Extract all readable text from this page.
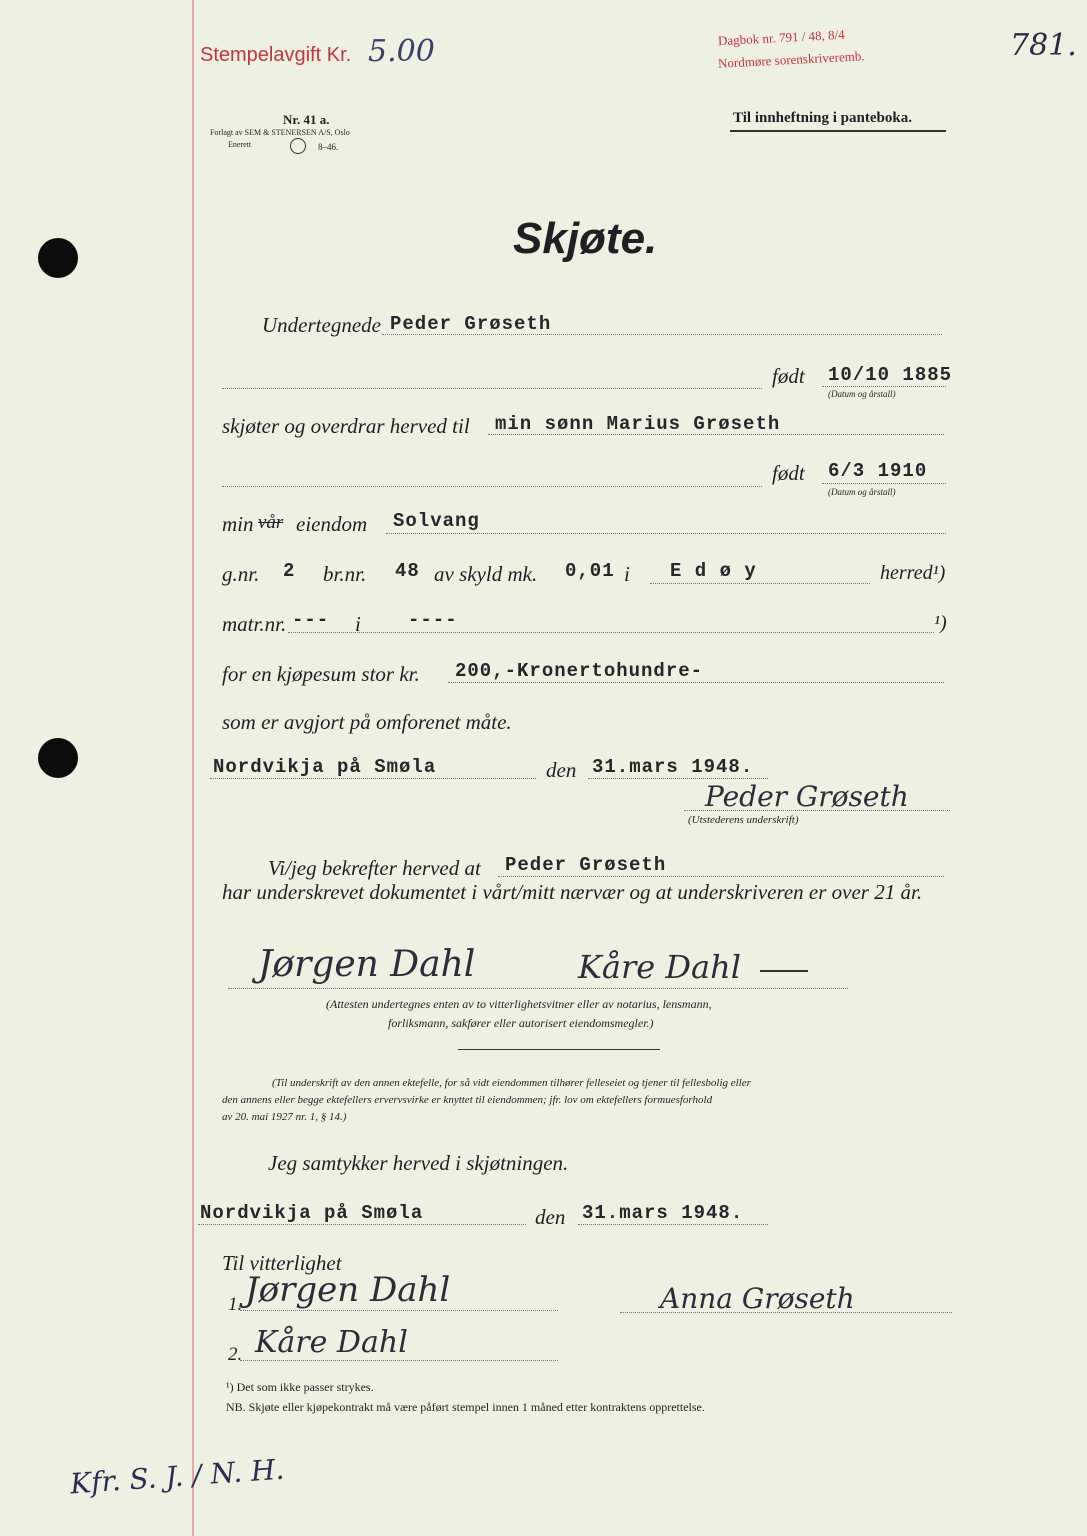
Stempelavgift Kr. 5.00	Dagbok nr. 791 / 48, 8/4
Nordmøre sorenskriveremb.	781.
Nr. 41 a.
Forlagt av SEM & STENERSEN A/S, Oslo
Enerett	8–46.
Til innheftning i panteboka.
Skjøte.
Undertegnede Peder Grøseth
født 10/10 1885
(Datum og årstall)
skjøter og overdrar herved til min sønn Marius Grøseth
født 6/3 1910
(Datum og årstall)
min vår eiendom Solvang
g.nr. 2 br.nr. 48 av skyld mk. 0,01 i E d ø y	herred¹)
matr.nr. --- i ----	¹)
for en kjøpesum stor kr. 200,-Kronertohundre-
som er avgjort på omforenet måte.
Nordvikja på Smøla	den 31.mars 1948.
Peder Grøseth
(Utstederens underskrift)
Vi/jeg bekrefter herved at Peder Grøseth
har underskrevet dokumentet i vårt/mitt nærvær og at underskriveren er over 21 år.
Jørgen Dahl	Kåre Dahl
(Attesten undertegnes enten av to vitterlighetsvitner eller av notarius, lensmann,
forliksmann, sakfører eller autorisert eiendomsmegler.)
(Til underskrift av den annen ektefelle, for så vidt eiendommen tilhører felleseiet og tjener til fellesbolig eller
den annens eller begge ektefellers ervervsvirke er knyttet til eiendommen; jfr. lov om ektefellers formuesforhold
av 20. mai 1927 nr. 1, § 14.)
Jeg samtykker herved i skjøtningen.
Nordvikja på Smøla	den 31.mars 1948.
Til vitterlighet
1. Jørgen Dahl
2. Kåre Dahl
Anna Grøseth
¹) Det som ikke passer strykes.
NB. Skjøte eller kjøpekontrakt må være påført stempel innen 1 måned etter kontraktens opprettelse.
Kfr. S. J. / N. H.
